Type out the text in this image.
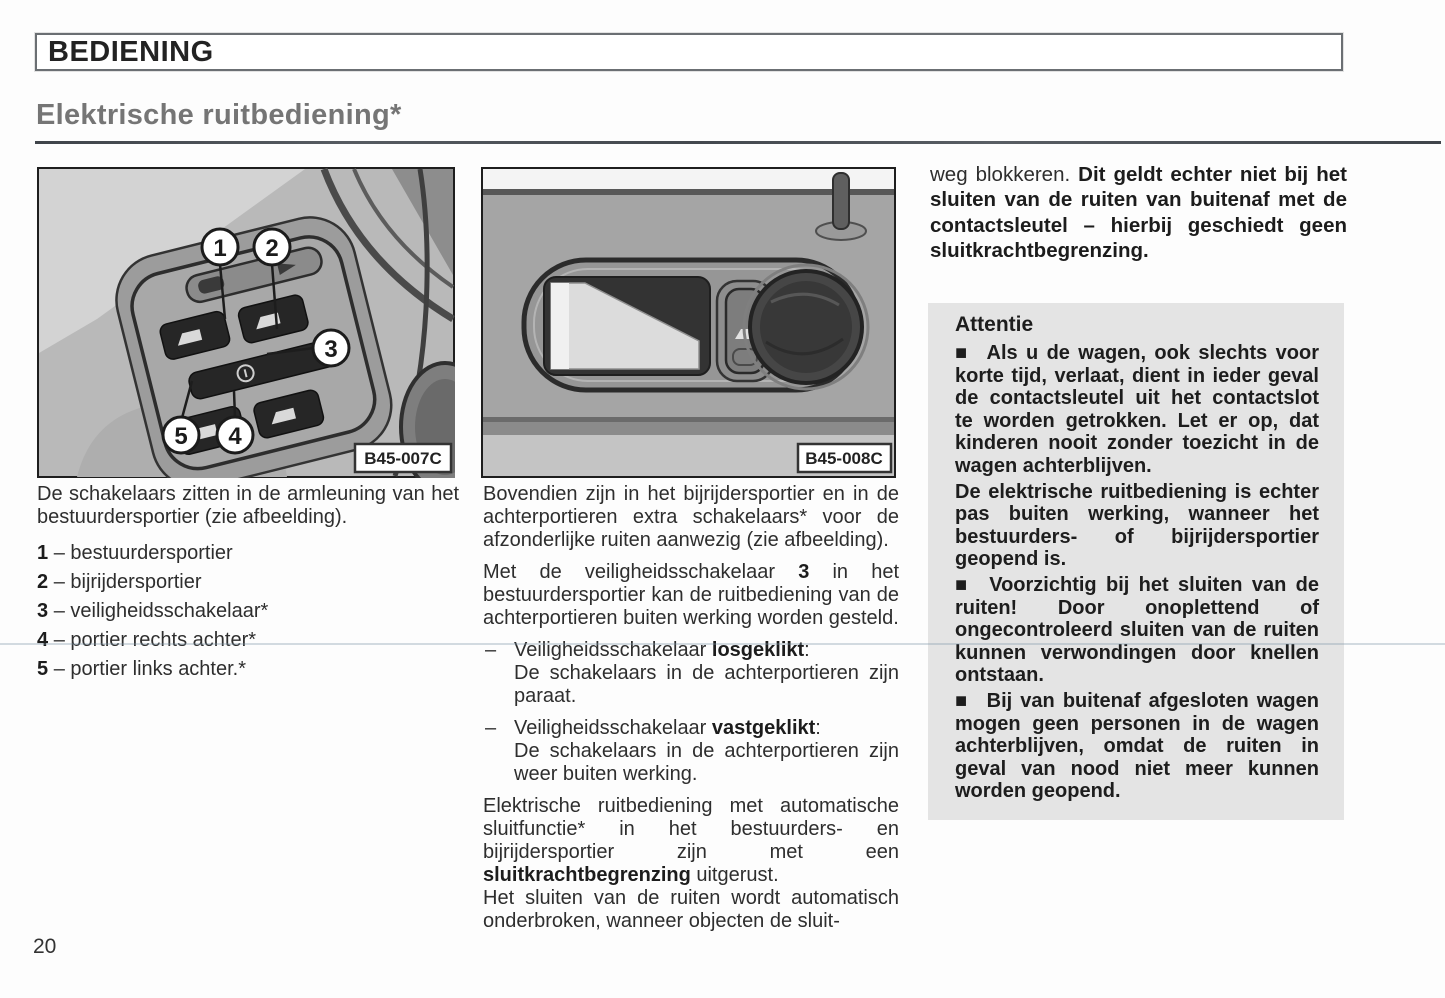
BEDIENING
Elektrische ruitbediening*
1 2
3
5 4
B45-007C	B45-008C

De schakelaars zitten in de armleuning van het bestuurdersportier (zie afbeelding).

1 – bestuurdersportier
2 – bijrijdersportier
3 – veiligheidsschakelaar*
4 – portier rechts achter*
5 – portier links achter.*

Bovendien zijn in het bijrijdersportier en in de achterportieren extra schakelaars* voor de afzonderlijke ruiten aanwezig (zie afbeelding).

Met de veiligheidsschakelaar 3 in het bestuurdersportier kan de ruitbediening van de achterportieren buiten werking worden gesteld.

– Veiligheidsschakelaar losgeklikt:
De schakelaars in de achterportieren zijn paraat.
– Veiligheidsschakelaar vastgeklikt:
De schakelaars in de achterportieren zijn weer buiten werking.

Elektrische ruitbediening met automatische sluitfunctie* in het bestuurders- en bijrijdersportier zijn met een sluitkrachtbegrenzing uitgerust.

Het sluiten van de ruiten wordt automatisch onderbroken, wanneer objecten de sluit-

weg blokkeren. Dit geldt echter niet bij het sluiten van de ruiten van buitenaf met de contactsleutel – hierbij geschiedt geen sluitkrachtbegrenzing.

Attentie

■ Als u de wagen, ook slechts voor korte tijd, verlaat, dient in ieder geval de contactsleutel uit het contactslot te worden getrokken. Let er op, dat kinderen nooit zonder toezicht in de wagen achterblijven.

De elektrische ruitbediening is echter pas buiten werking, wanneer het bestuurders- of bijrijdersportier geopend is.

■ Voorzichtig bij het sluiten van de ruiten! Door onoplettend of ongecontroleerd sluiten van de ruiten kunnen verwondingen door knellen ontstaan.

■ Bij van buitenaf afgesloten wagen mogen geen personen in de wagen achterblijven, omdat de ruiten in geval van nood niet meer kunnen worden geopend.

20
